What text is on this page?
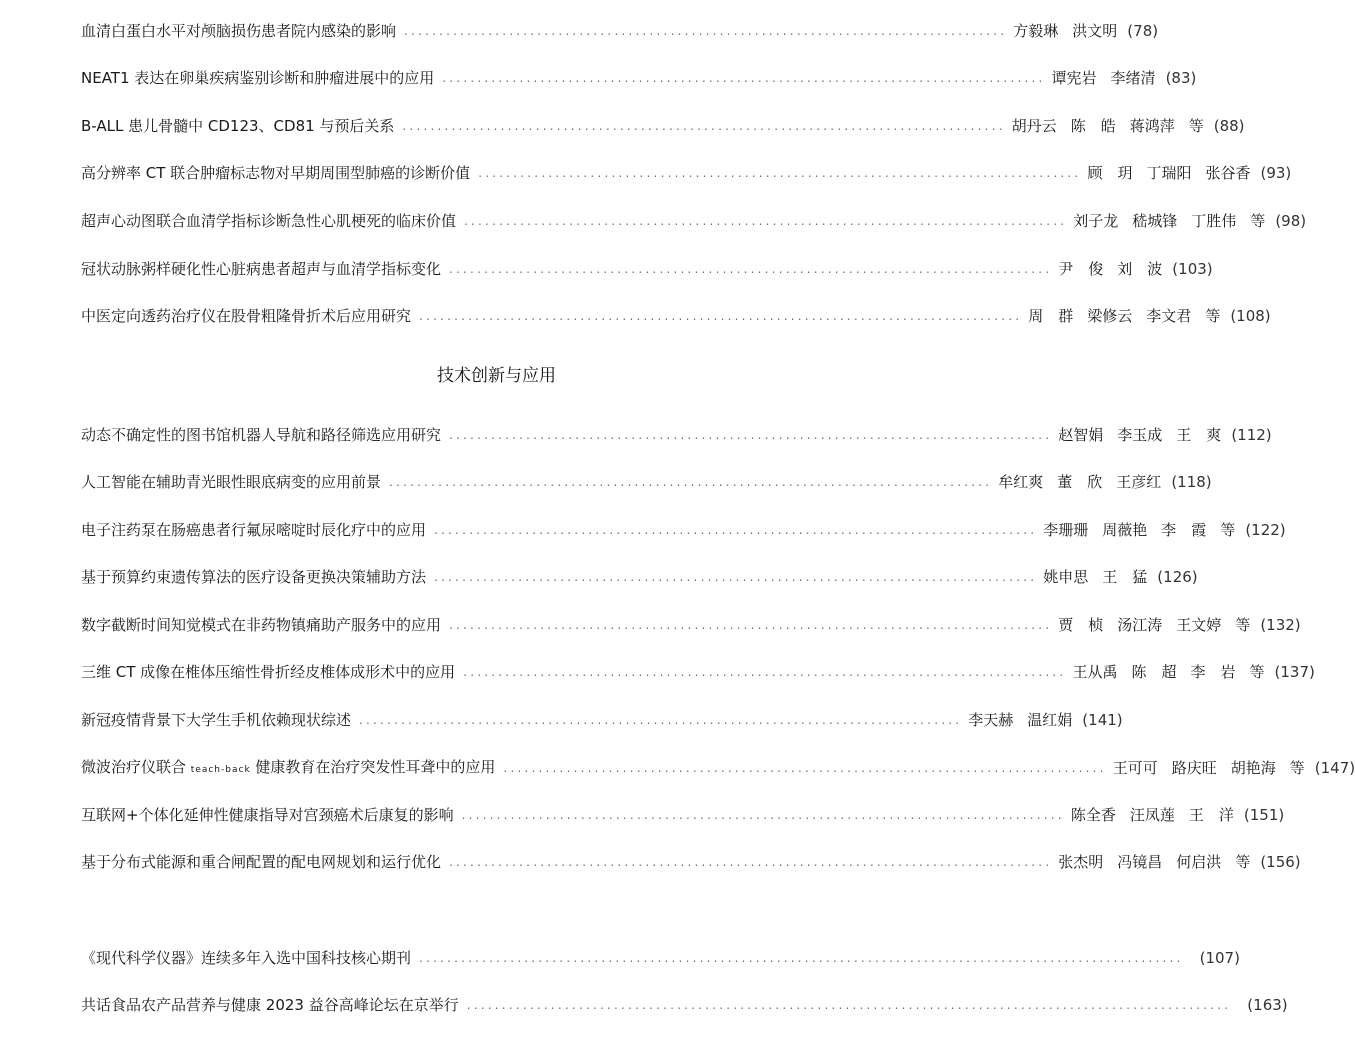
血清白蛋白水平对颅脑损伤患者院内感染的影响 ...................................................................................... 方毅琳 洪文明 (78)
NEAT1 表达在卵巢疾病鉴别诊断和肿瘤进展中的应用 ...................................................................................... 谭宪岩 李绪清 (83)
B-ALL 患儿骨髓中 CD123、CD81 与预后关系 ...................................................................................... 胡丹云 陈　皓 蒋鸿萍 等 (88)
高分辨率 CT 联合肿瘤标志物对早期周围型肺癌的诊断价值 ...................................................................................... 顾　玥 丁瑞阳 张谷香 (93)
超声心动图联合血清学指标诊断急性心肌梗死的临床价值 ...................................................................................... 刘子龙 嵇城锋 丁胜伟 等 (98)
冠状动脉粥样硬化性心脏病患者超声与血清学指标变化 ...................................................................................... 尹　俊 刘　波 (103)
中医定向透药治疗仪在股骨粗隆骨折术后应用研究 ...................................................................................... 周　群 梁修云 李文君 等 (108)
技术创新与应用
动态不确定性的图书馆机器人导航和路径筛选应用研究 ...................................................................................... 赵智娟 李玉成 王　爽 (112)
人工智能在辅助青光眼性眼底病变的应用前景 ...................................................................................... 牟红爽 董　欣 王彦红 (118)
电子注药泵在肠癌患者行氟尿嘧啶时辰化疗中的应用 ...................................................................................... 李珊珊 周薇艳 李　霞 等 (122)
基于预算约束遗传算法的医疗设备更换决策辅助方法 ...................................................................................... 姚申思 王　猛 (126)
数字截断时间知觉模式在非药物镇痛助产服务中的应用 ...................................................................................... 贾　桢 汤江涛 王文婷 等 (132)
三维 CT 成像在椎体压缩性骨折经皮椎体成形术中的应用 ...................................................................................... 王从禹 陈　超 李　岩 等 (137)
新冠疫情背景下大学生手机依赖现状综述 ...................................................................................... 李天赫 温红娟 (141)
微波治疗仪联合 teach-back 健康教育在治疗突发性耳聋中的应用 ...................................................................................... 王可可 路庆旺 胡艳海 等 (147)
互联网+个体化延伸性健康指导对宫颈癌术后康复的影响 ...................................................................................... 陈全香 汪凤莲 王　洋 (151)
基于分布式能源和重合闸配置的配电网规划和运行优化 ...................................................................................... 张杰明 冯镜昌 何启洪 等 (156)
《现代科学仪器》连续多年入选中国科技核心期刊 ............................................................................................................. (107)
共话食品农产品营养与健康 2023 益谷高峰论坛在京举行 ............................................................................................................. (163)
